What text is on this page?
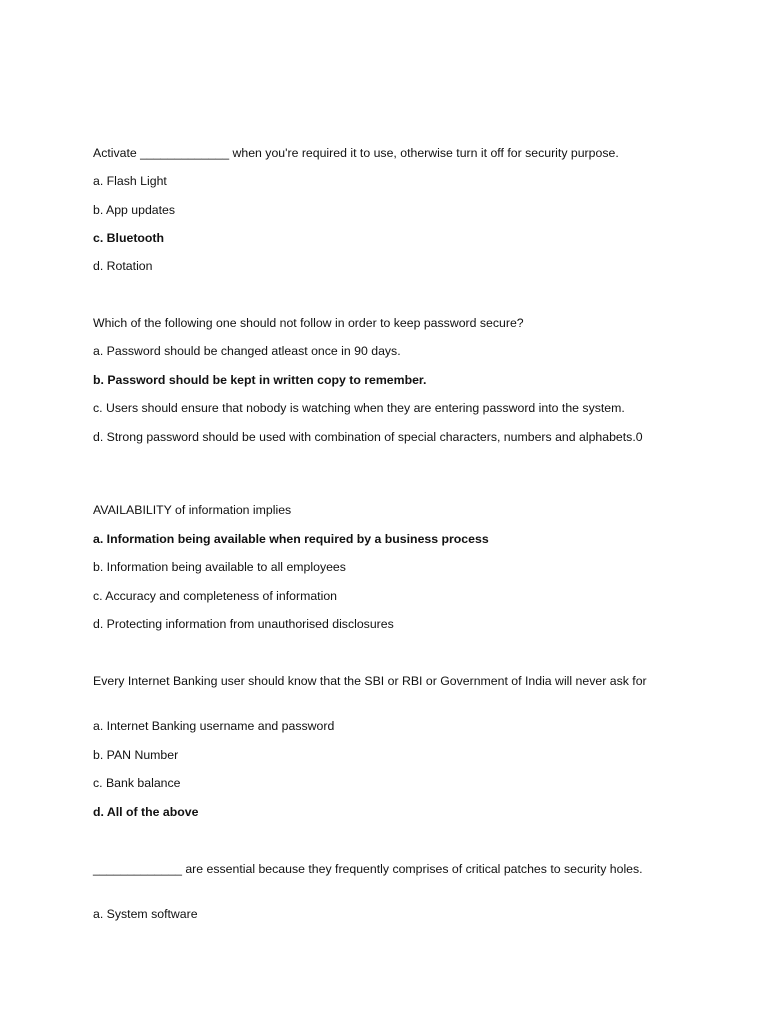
Activate _____________ when you're required it to use, otherwise turn it off for security purpose.
a. Flash Light
b. App updates
c. Bluetooth
d. Rotation
Which of the following one should not follow in order to keep password secure?
a. Password should be changed atleast once in 90 days.
b. Password should be kept in written copy to remember.
c. Users should ensure that nobody is watching when they are entering password into the system.
d. Strong password should be used with combination of special characters, numbers and alphabets.0
AVAILABILITY of information implies
a. Information being available when required by a business process
b. Information being available to all employees
c. Accuracy and completeness of information
d. Protecting information from unauthorised disclosures
Every Internet Banking user should know that the SBI or RBI or Government of India will never ask for
a. Internet Banking username and password
b. PAN Number
c. Bank balance
d. All of the above
_____________ are essential because they frequently comprises of critical patches to security holes.
a. System software
